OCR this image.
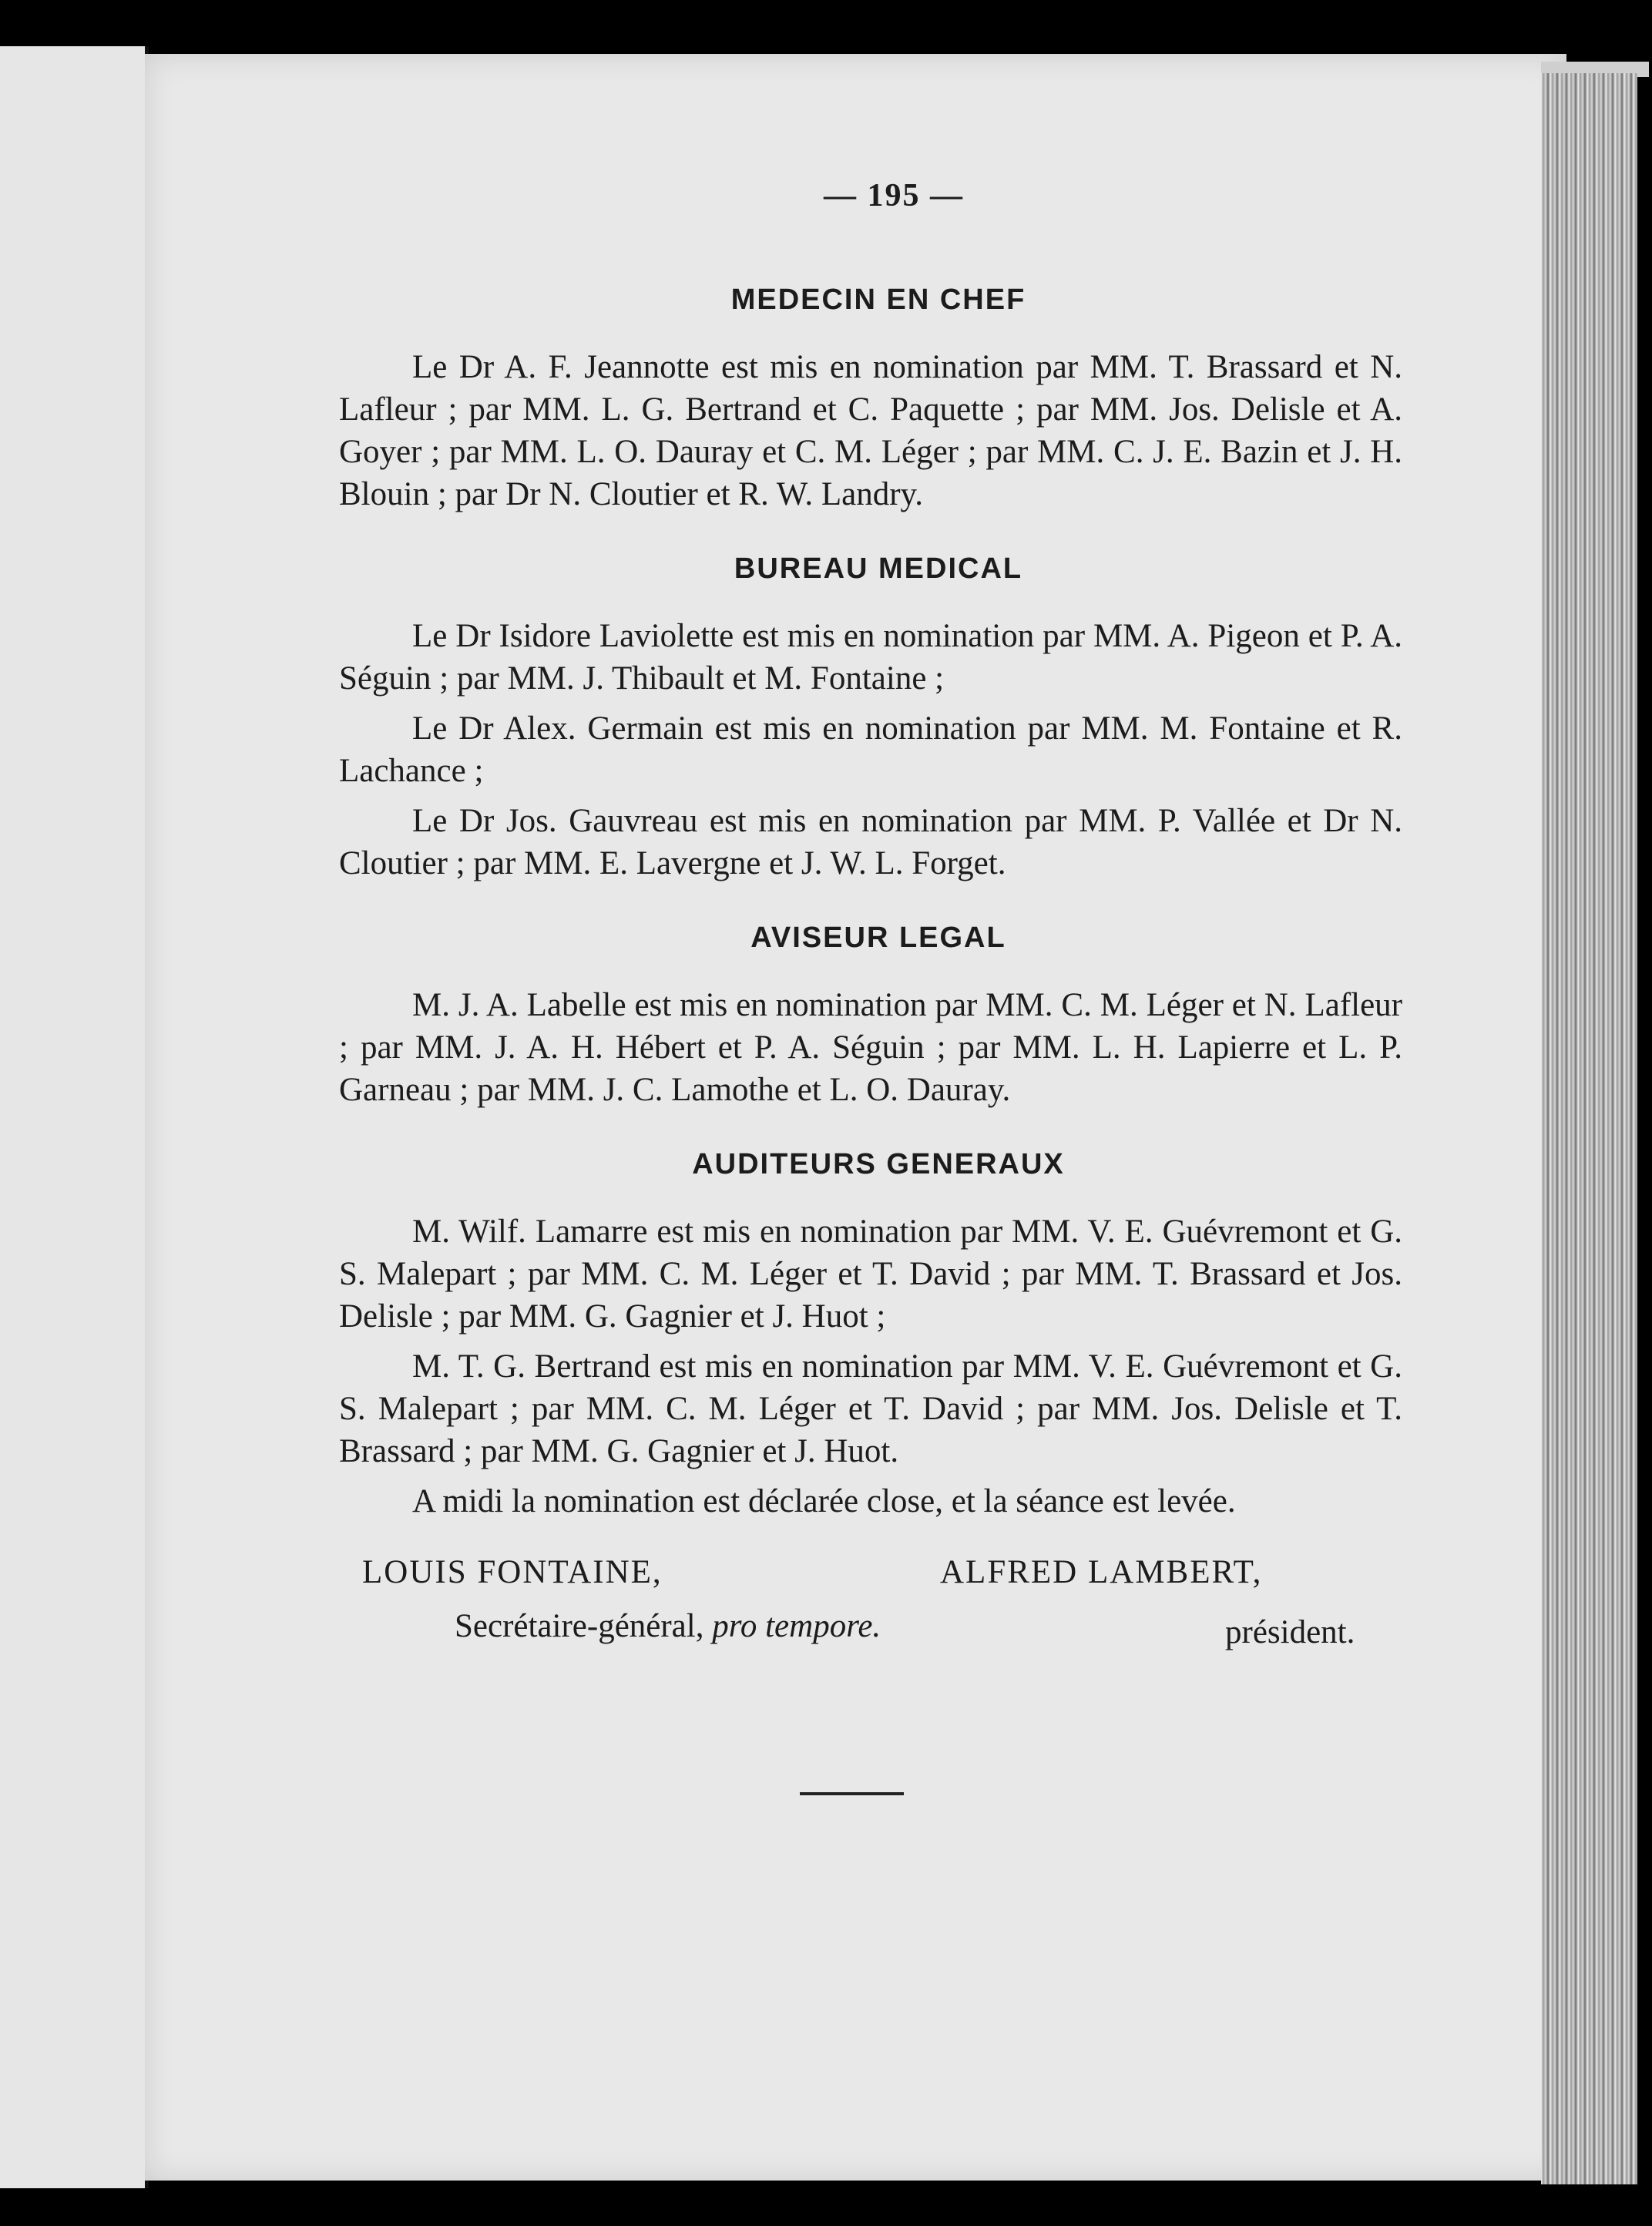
— 195 —
MEDECIN EN CHEF

Le Dr A. F. Jeannotte est mis en nomination par MM. T. Brassard et N. Lafleur ; par MM. L. G. Bertrand et C. Paquette ; par MM. Jos. Delisle et A. Goyer ; par MM. L. O. Dauray et C. M. Léger ; par MM. C. J. E. Bazin et J. H. Blouin ; par Dr N. Cloutier et R. W. Landry.

BUREAU MEDICAL

Le Dr Isidore Laviolette est mis en nomination par MM. A. Pigeon et P. A. Séguin ; par MM. J. Thibault et M. Fontaine ;

Le Dr Alex. Germain est mis en nomination par MM. M. Fontaine et R. Lachance ;

Le Dr Jos. Gauvreau est mis en nomination par MM. P. Vallée et Dr N. Cloutier ; par MM. E. Lavergne et J. W. L. Forget.

AVISEUR LEGAL

M. J. A. Labelle est mis en nomination par MM. C. M. Léger et N. Lafleur ; par MM. J. A. H. Hébert et P. A. Séguin ; par MM. L. H. Lapierre et L. P. Garneau ; par MM. J. C. Lamothe et L. O. Dauray.

AUDITEURS GENERAUX

M. Wilf. Lamarre est mis en nomination par MM. V. E. Guévremont et G. S. Malepart ; par MM. C. M. Léger et T. David ; par MM. T. Brassard et Jos. Delisle ; par MM. G. Gagnier et J. Huot ;

M. T. G. Bertrand est mis en nomination par MM. V. E. Guévremont et G. S. Malepart ; par MM. C. M. Léger et T. David ; par MM. Jos. Delisle et T. Brassard ; par MM. G. Gagnier et J. Huot.

A midi la nomination est déclarée close, et la séance est levée.

LOUIS FONTAINE,	ALFRED LAMBERT,
Secrétaire-général, pro tempore.	président.
